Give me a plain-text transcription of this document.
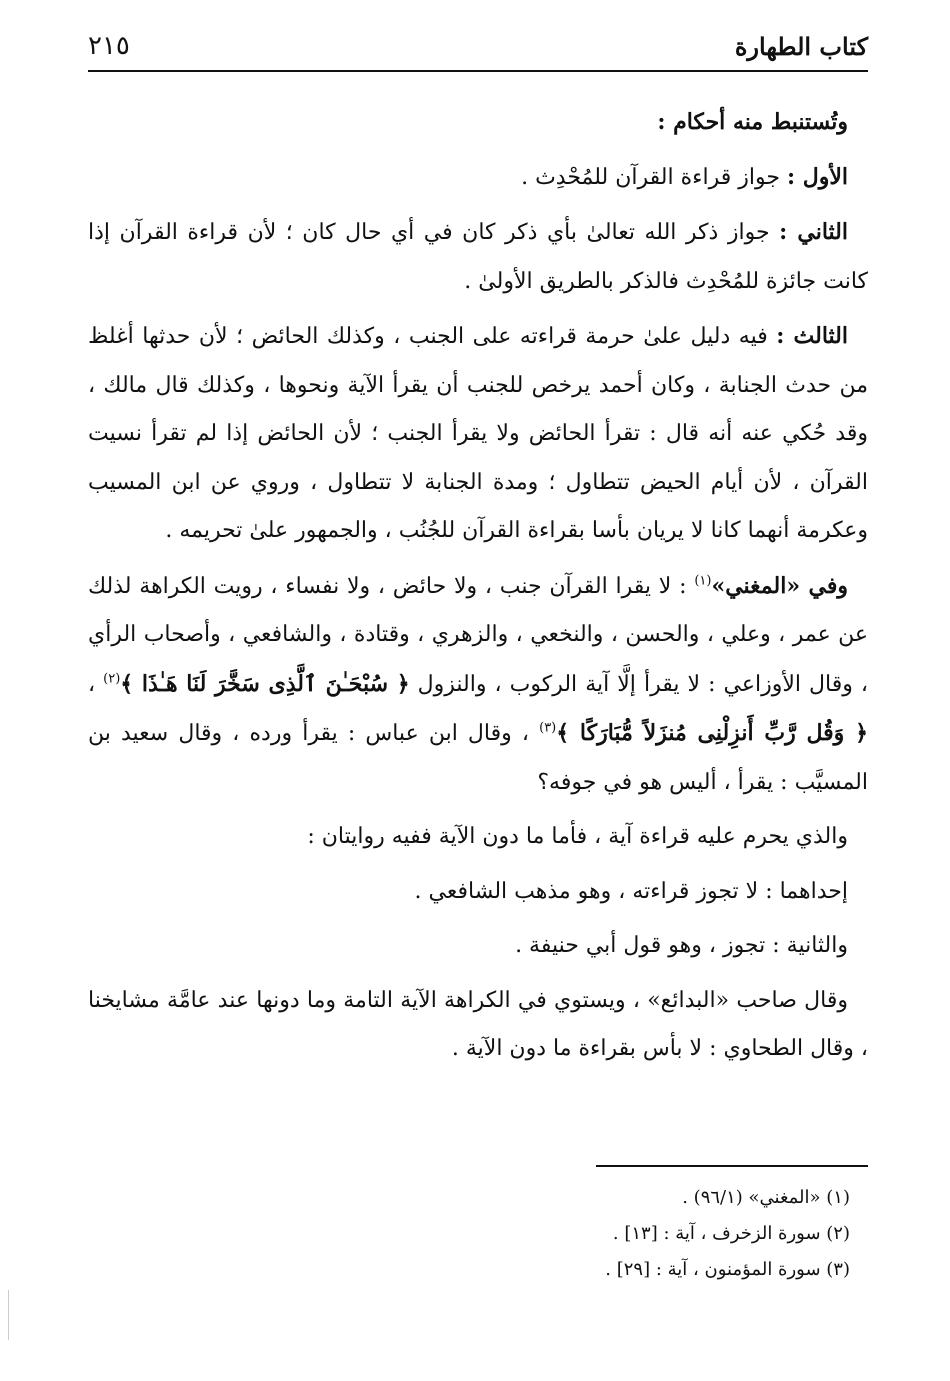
كتاب الطهارة
٢١٥

وتُستنبط منه أحكام :

الأول : جواز قراءة القرآن للمُحْدِث .

الثاني : جواز ذكر الله تعالىٰ بأي ذكر كان في أي حال كان ؛ لأن قراءة القرآن إذا كانت جائزة للمُحْدِث فالذكر بالطريق الأولىٰ .

الثالث : فيه دليل علىٰ حرمة قراءته على الجنب ، وكذلك الحائض ؛ لأن حدثها أغلظ من حدث الجنابة ، وكان أحمد يرخص للجنب أن يقرأ الآية ونحوها ، وكذلك قال مالك ، وقد حُكي عنه أنه قال : تقرأ الحائض ولا يقرأ الجنب ؛ لأن الحائض إذا لم تقرأ نسيت القرآن ، لأن أيام الحيض تتطاول ؛ ومدة الجنابة لا تتطاول ، وروي عن ابن المسيب وعكرمة أنهما كانا لا يريان بأسا بقراءة القرآن للجُنُب ، والجمهور علىٰ تحريمه .

وفي «المغني»$^{(١)}$ : لا يقرا القرآن جنب ، ولا حائض ، ولا نفساء ، رويت الكراهة لذلك عن عمر ، وعلي ، والحسن ، والنخعي ، والزهري ، وقتادة ، والشافعي ، وأصحاب الرأي ، وقال الأوزاعي : لا يقرأ إلَّا آية الركوب ، والنزول ﴿ سُبْحَـٰنَ ٱلَّذِى سَخَّرَ لَنَا هَـٰذَا ﴾$^{(٢)}$ ، ﴿ وَقُل رَّبِّ أَنزِلْنِى مُنزَلاً مُّبَارَكًا ﴾$^{(٣)}$ ، وقال ابن عباس : يقرأ ورده ، وقال سعيد بن المسيَّب : يقرأ ، أليس هو في جوفه؟

والذي يحرم عليه قراءة آية ، فأما ما دون الآية ففيه روايتان :

إحداهما : لا تجوز قراءته ، وهو مذهب الشافعي .

والثانية : تجوز ، وهو قول أبي حنيفة .

وقال صاحب «البدائع» ، ويستوي في الكراهة الآية التامة وما دونها عند عامَّة مشايخنا ، وقال الطحاوي : لا بأس بقراءة ما دون الآية .

(١) «المغني» (٩٦/١) .
(٢) سورة الزخرف ، آية : [١٣] .
(٣) سورة المؤمنون ، آية : [٢٩] .
